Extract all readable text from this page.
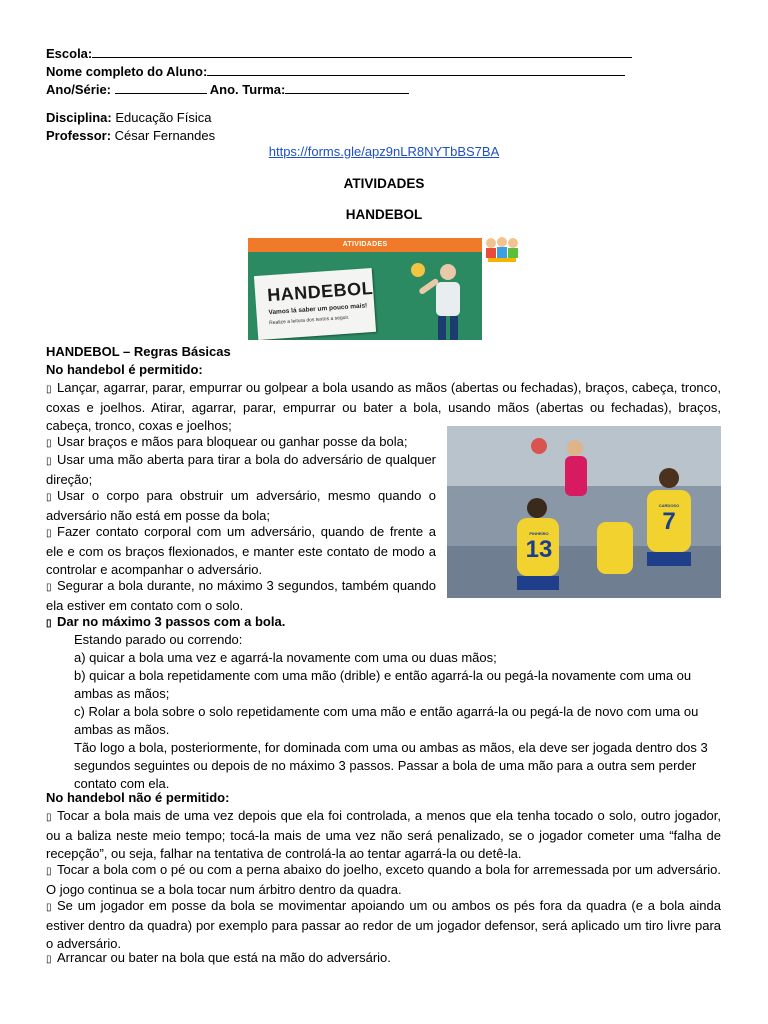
Escola:
Nome completo do Aluno:
Ano/Série:	Ano. Turma:
Disciplina: Educação Física
Professor: César Fernandes
https://forms.gle/apz9nLR8NYTbBS7BA
ATIVIDADES
HANDEBOL
ATIVIDADES
HANDEBOL
Vamos lá saber um pouco mais!
Realize a leitura dos textos a seguir.
PINHEIRO
13
CARDOSO
7
HANDEBOL – Regras Básicas
No handebol é permitido:
▯ Lançar, agarrar, parar, empurrar ou golpear a bola usando as mãos (abertas ou fechadas), braços, cabeça, tronco, coxas e joelhos. Atirar, agarrar, parar, empurrar ou bater a bola, usando mãos (abertas ou fechadas), braços, cabeça, tronco, coxas e joelhos;
▯ Usar braços e mãos para bloquear ou ganhar posse da bola;
▯ Usar uma mão aberta para tirar a bola do adversário de qualquer direção;
▯ Usar o corpo para obstruir um adversário, mesmo quando o adversário não está em posse da bola;
▯ Fazer contato corporal com um adversário, quando de frente a ele e com os braços flexionados, e manter este contato de modo a controlar e acompanhar o adversário.
▯ Segurar a bola durante, no máximo 3 segundos, também quando ela estiver em contato com o solo.
▯ Dar no máximo 3 passos com a bola.
Estando parado ou correndo:
a) quicar a bola uma vez e agarrá-la novamente com uma ou duas mãos;
b) quicar a bola repetidamente com uma mão (drible) e então agarrá-la ou pegá-la novamente com uma ou ambas as mãos;
c) Rolar a bola sobre o solo repetidamente com uma mão e então agarrá-la ou pegá-la de novo com uma ou ambas as mãos.
Tão logo a bola, posteriormente, for dominada com uma ou ambas as mãos, ela deve ser jogada dentro dos 3 segundos seguintes ou depois de no máximo 3 passos. Passar a bola de uma mão para a outra sem perder contato com ela.
No handebol não é permitido:
▯ Tocar a bola mais de uma vez depois que ela foi controlada, a menos que ela tenha tocado o solo, outro jogador, ou a baliza neste meio tempo; tocá-la mais de uma vez não será penalizado, se o jogador cometer uma “falha de recepção”, ou seja, falhar na tentativa de controlá-la ao tentar agarrá-la ou detê-la.
▯ Tocar a bola com o pé ou com a perna abaixo do joelho, exceto quando a bola for arremessada por um adversário. O jogo continua se a bola tocar num árbitro dentro da quadra.
▯ Se um jogador em posse da bola se movimentar apoiando um ou ambos os pés fora da quadra (e a bola ainda estiver dentro da quadra) por exemplo para passar ao redor de um jogador defensor, será aplicado um tiro livre para o adversário.
▯ Arrancar ou bater na bola que está na mão do adversário.
